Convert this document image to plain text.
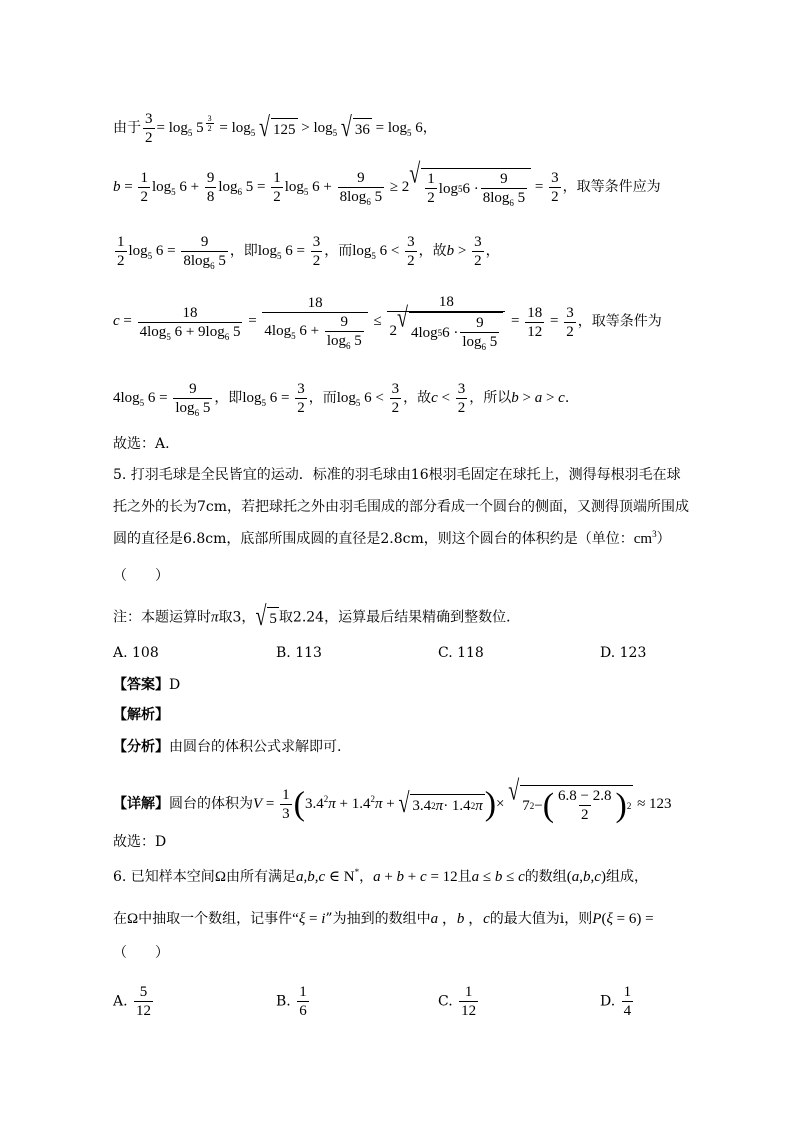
由于 $\frac{3}{2} = \log_5 5$ $^{\frac{3}{2}} = \log_5$ √ $125 > \log_5$ √ $36 = \log_5 6$，
$b = \frac{1}{2} \log_5 6 + \frac{9}{8} \log_6 5 = \frac{1}{2} \log_5 6 + \frac{9}{8\log_6 5} \ge 2$ √ $\frac{1}{2}$ log 5 $6 \cdot \frac{9}{8\log_6 5} = \frac{3}{2}$ ，取等条件应为
$\frac{1}{2} \log_5 6 = \frac{9}{8\log_6 5}$ ，即$\log_5 6 = \frac{3}{2}$ ，而$\log_5 6 < \frac{3}{2}$ ，故$b > \frac{3}{2}$ ，
$c = \frac{18}{4\log_5 6 + 9\log_6 5} = \frac{18}{4\log_5 6 + \frac{9}{\log_6 5}} \le \frac{18}{2 √ 4\log 5 6 \cdot \frac{9}{\log_6 5}} = \frac{18}{12} = \frac{3}{2}$ ，取等条件为
$4\log_5$ $6 = \frac{9}{\log_6 5}$ ，即$\log_5 6 = \frac{3}{2}$ ，而$\log_5 6 < \frac{3}{2}$ ，故$c < \frac{3}{2}$ ，所以b > a > c.
故选：A.
5. 打羽毛球是全民皆宜的运动．标准的羽毛球由16根羽毛固定在球托上，测得每根羽毛在球
托之外的长为7cm，若把球托之外由羽毛围成的部分看成一个圆台的侧面，又测得顶端所围成
圆的直径是6.8cm，底部所围成圆的直径是2.8cm，则这个圆台的体积约是（单位：$cm^3$）
（　　）
注：本题运算时π取3， √ 5 取2.24，运算最后结果精确到整数位．
A. 108	B. 113	C. 118	D. 123
【答案】D
【解析】
【分析】由圆台的体积公式求解即可.
【详解】圆台的体积为$V = \frac{1}{3} (3.4^2\pi + 1.4^2\pi$ + √ 3.4 2 π · 1.4 2 π )× √ 7 2 − ( $\frac{6.8 - 2.8}{2}$ ) 2 ≈ 123
故选：D
6. 已知样本空间Ω由所有满足a,b,c ∈ N*，a + b + c = 12且a ≤ b ≤ c的数组(a,b,c)组成，
在Ω中抽取一个数组，记事件“ξ = i”为抽到的数组中a ，b ，c的最大值为i，则P(ξ = 6) =
（　　）
A. $\frac{5}{12}$	B. $\frac{1}{6}$	C. $\frac{1}{12}$	D. $\frac{1}{4}$
